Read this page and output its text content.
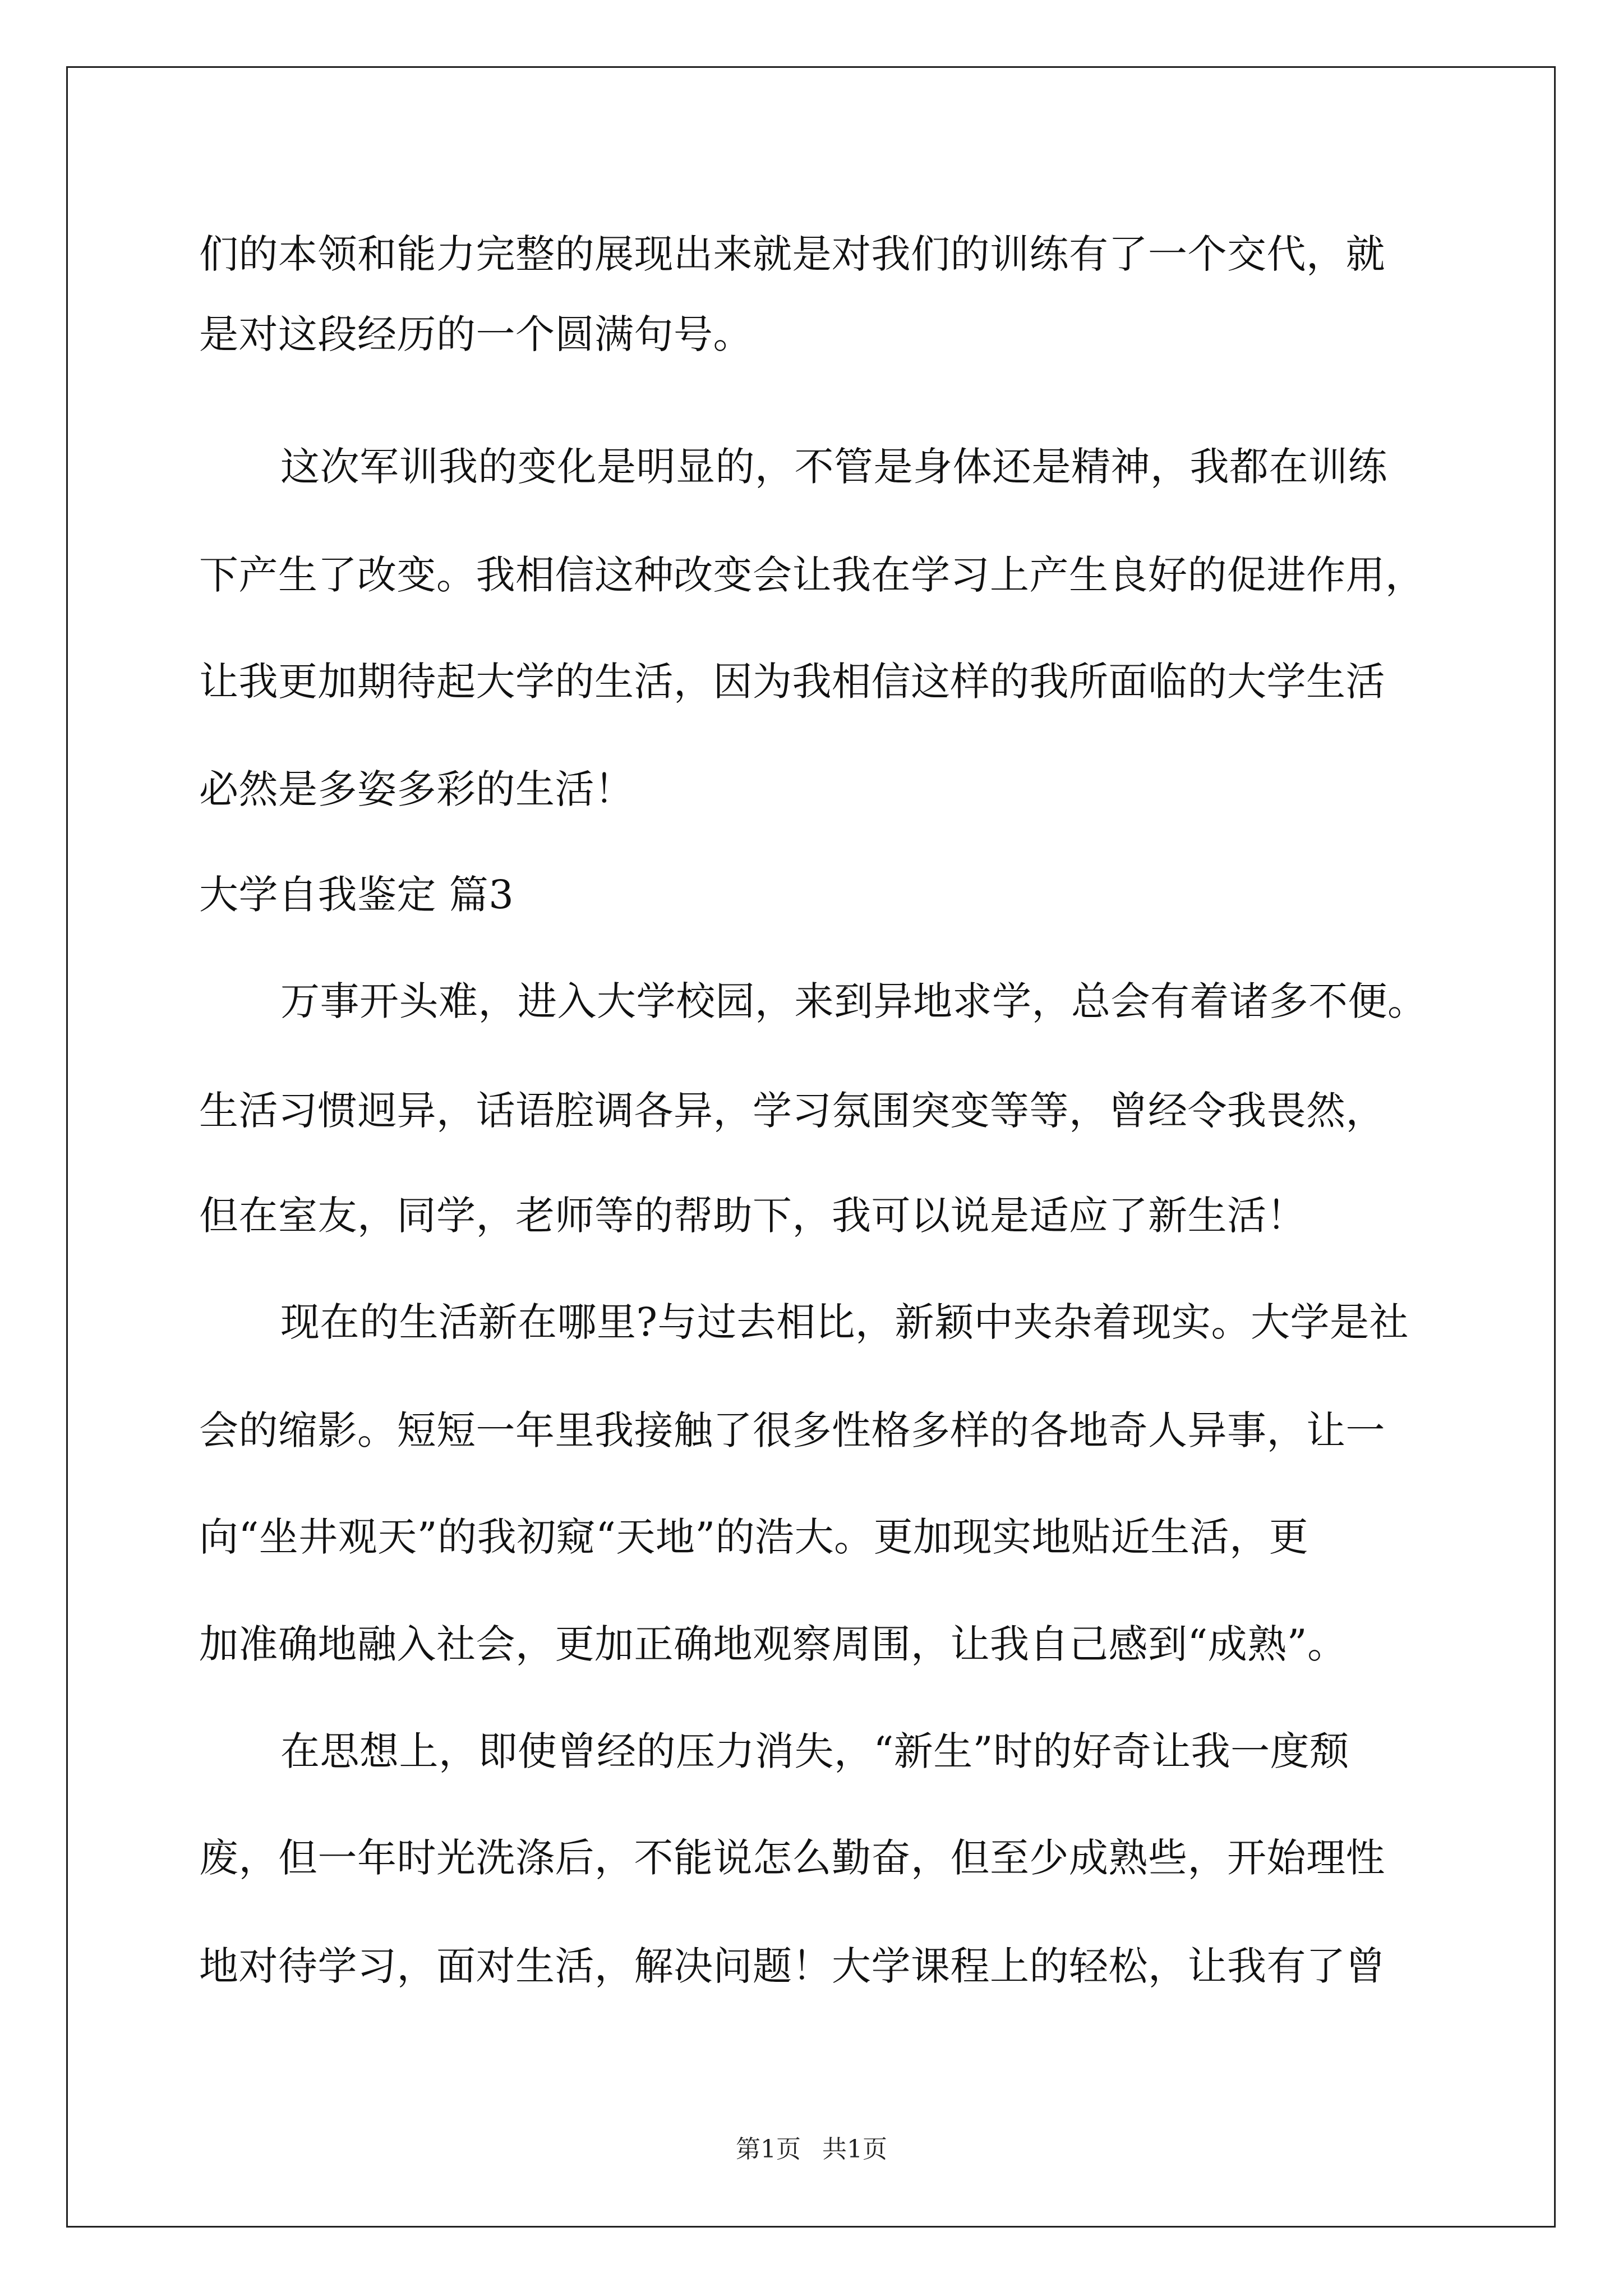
们的本领和能力完整的展现出来就是对我们的训练有了一个交代，就
是对这段经历的一个圆满句号。
这次军训我的变化是明显的，不管是身体还是精神，我都在训练
下产生了改变。我相信这种改变会让我在学习上产生良好的促进作用，
让我更加期待起大学的生活，因为我相信这样的我所面临的大学生活
必然是多姿多彩的生活！
大学自我鉴定 篇3
万事开头难，进入大学校园，来到异地求学，总会有着诸多不便。
生活习惯迥异，话语腔调各异，学习氛围突变等等，曾经令我畏然，
但在室友，同学，老师等的帮助下，我可以说是适应了新生活！
现在的生活新在哪里?与过去相比，新颖中夹杂着现实。大学是社
会的缩影。短短一年里我接触了很多性格多样的各地奇人异事，让一
向“坐井观天”的我初窥“天地”的浩大。更加现实地贴近生活，更
加准确地融入社会，更加正确地观察周围，让我自己感到“成熟”。
在思想上，即使曾经的压力消失，“新生”时的好奇让我一度颓
废，但一年时光洗涤后，不能说怎么勤奋，但至少成熟些，开始理性
地对待学习，面对生活，解决问题！大学课程上的轻松，让我有了曾
第1页 共1页
